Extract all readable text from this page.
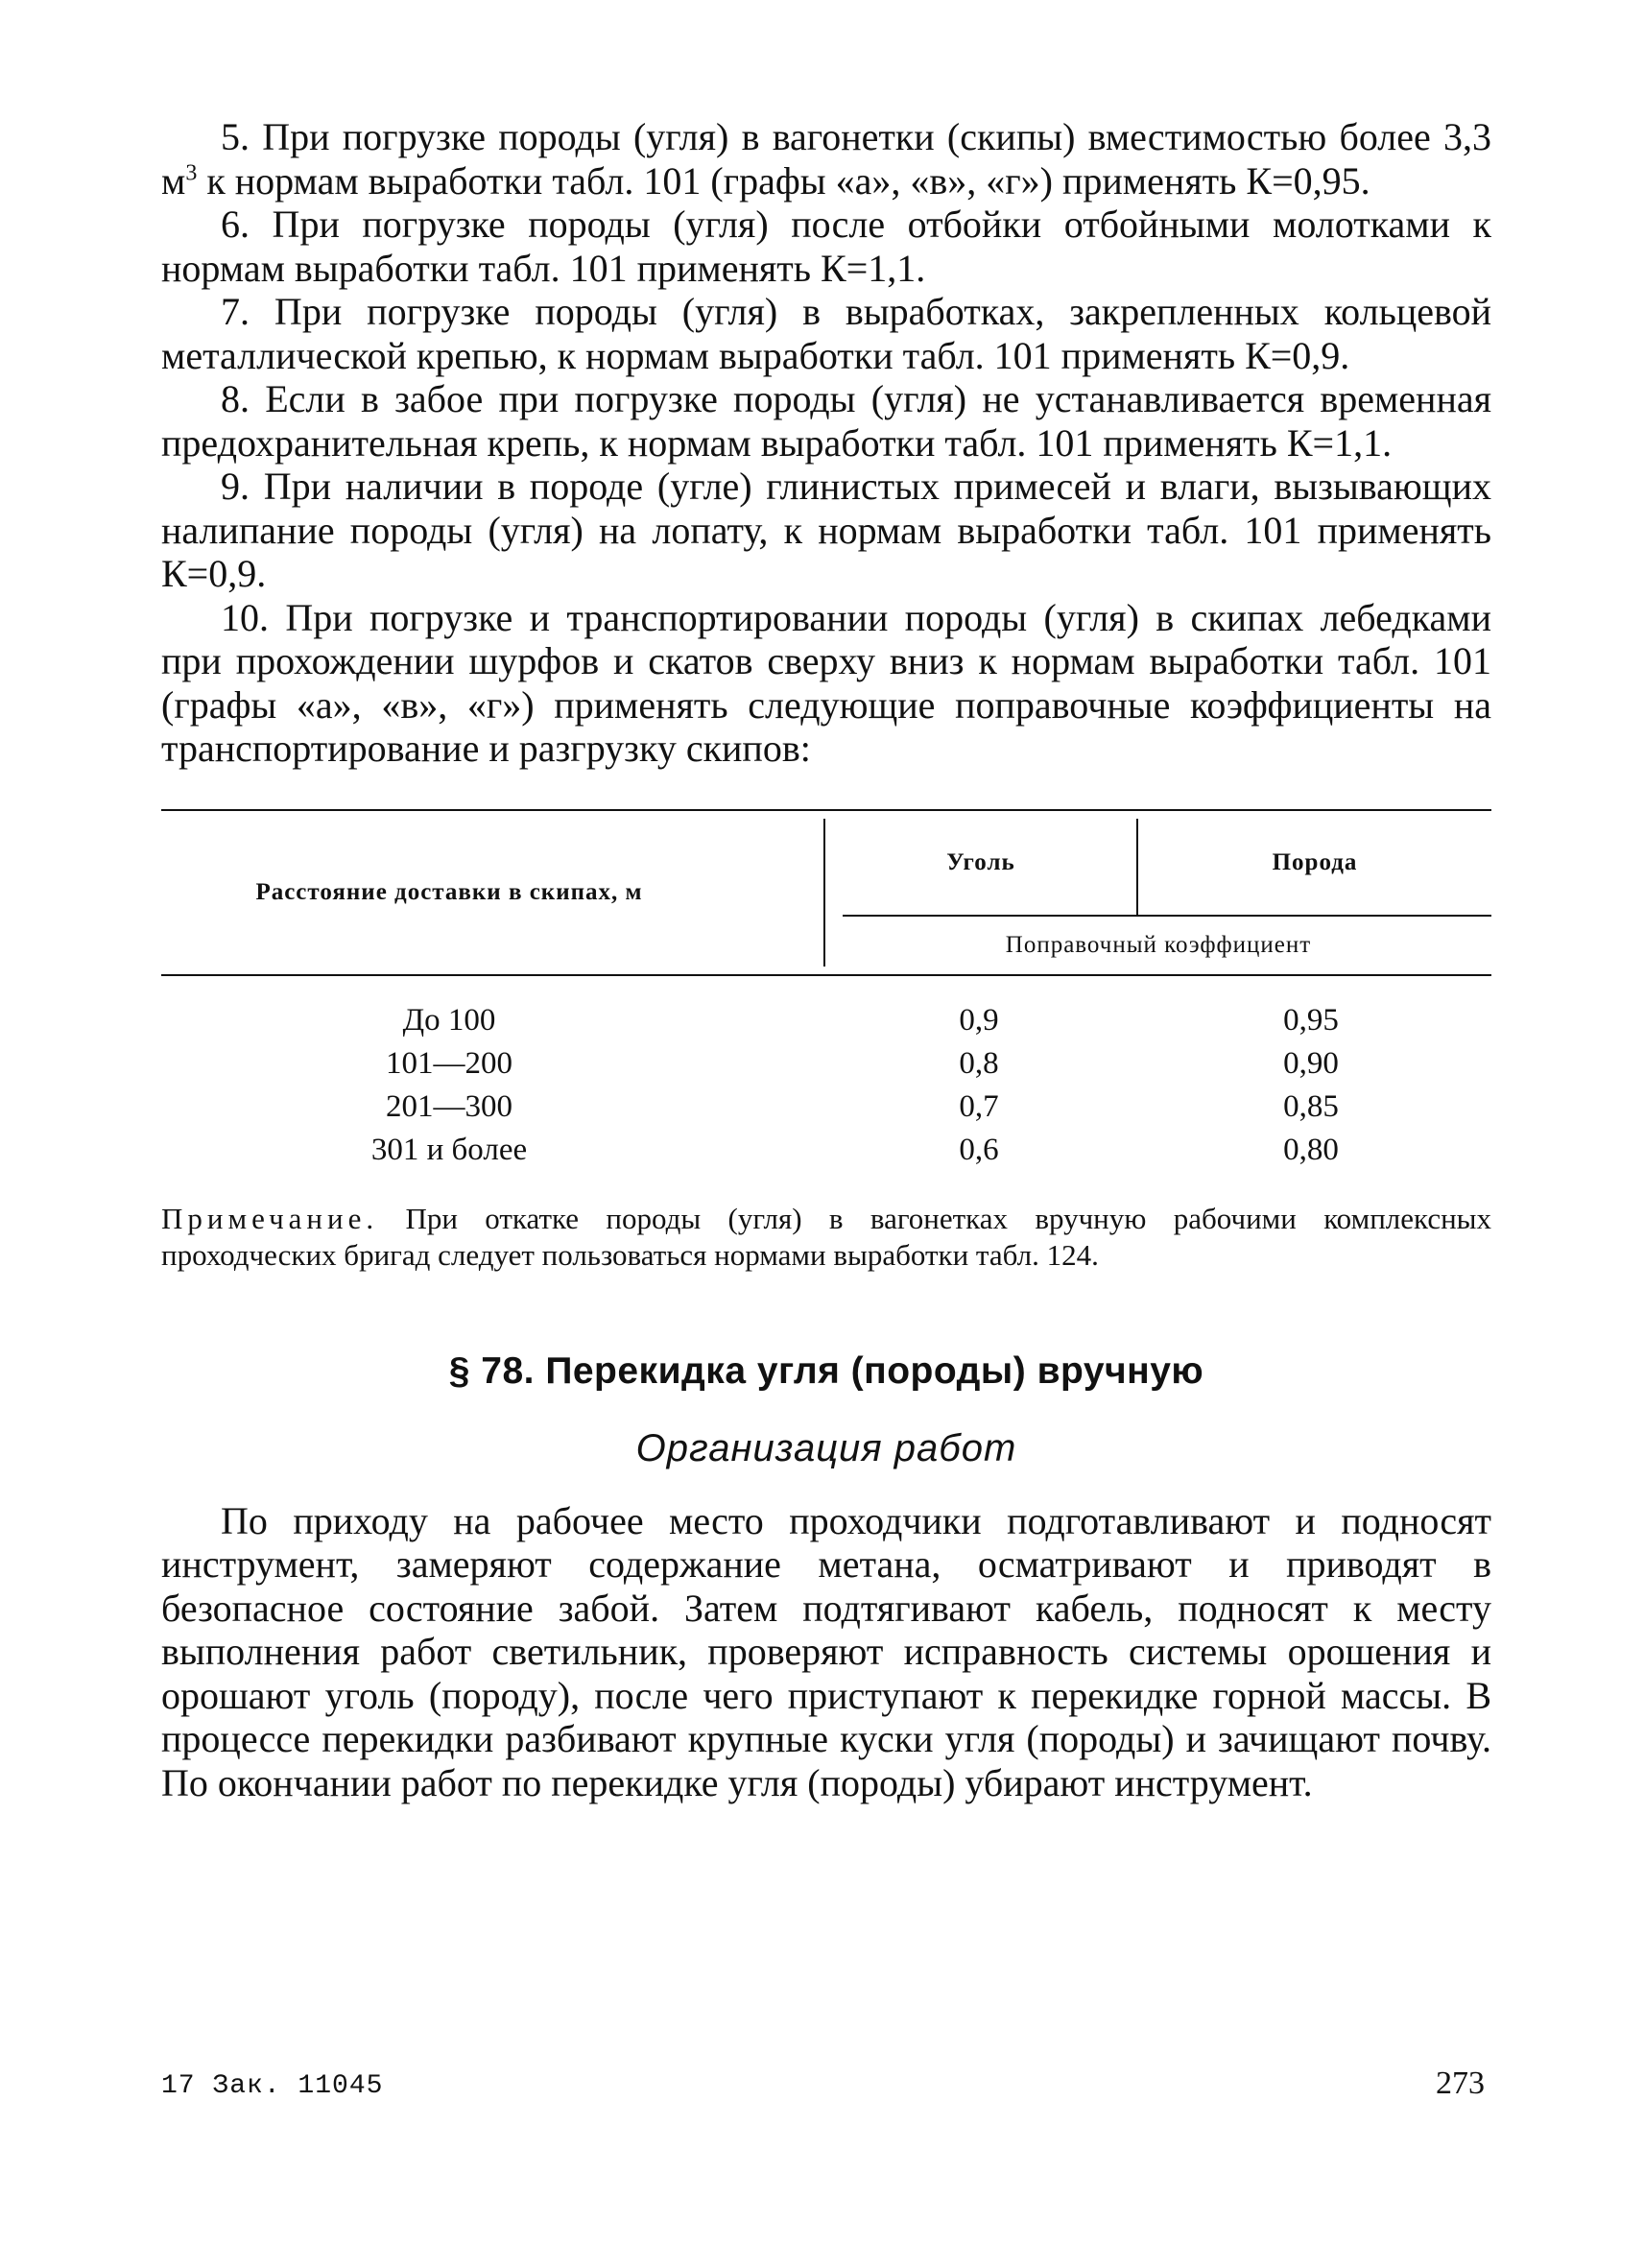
5. При погрузке породы (угля) в вагонетки (скипы) вместимостью более 3,3 $м^3$ к нормам выработки табл. 101 (графы «а», «в», «г») применять К=0,95.

6. При погрузке породы (угля) после отбойки отбойными молотками к нормам выработки табл. 101 применять К=1,1.

7. При погрузке породы (угля) в выработках, закрепленных кольцевой металлической крепью, к нормам выработки табл. 101 применять К=0,9.

8. Если в забое при погрузке породы (угля) не устанавливается временная предохранительная крепь, к нормам выработки табл. 101 применять К=1,1.

9. При наличии в породе (угле) глинистых примесей и влаги, вызывающих налипание породы (угля) на лопату, к нормам выработки табл. 101 применять К=0,9.

10. При погрузке и транспортировании породы (угля) в скипах лебедками при прохождении шурфов и скатов сверху вниз к нормам выработки табл. 101 (графы «а», «в», «г») применять следующие поправочные коэффициенты на транспортирование и разгрузку скипов:

Расстояние доставки в скипах, м
Уголь	Порода
Поправочный коэффициент
До 100	0,9	0,95
101—200	0,8	0,90
201—300	0,7	0,85
301 и более	0,6	0,80

Примечание. При откатке породы (угля) в вагонетках вручную рабочими комплексных проходческих бригад следует пользоваться нормами выработки табл. 124.

§ 78. Перекидка угля (породы) вручную
Организация работ

По приходу на рабочее место проходчики подготавливают и подносят инструмент, замеряют содержание метана, осматривают и приводят в безопасное состояние забой. Затем подтягивают кабель, подносят к месту выполнения работ светильник, проверяют исправность системы орошения и орошают уголь (породу), после чего приступают к перекидке горной массы. В процессе перекидки разбивают крупные куски угля (породы) и зачищают почву. По окончании работ по перекидке угля (породы) убирают инструмент.

17 Зак. 11045	273
